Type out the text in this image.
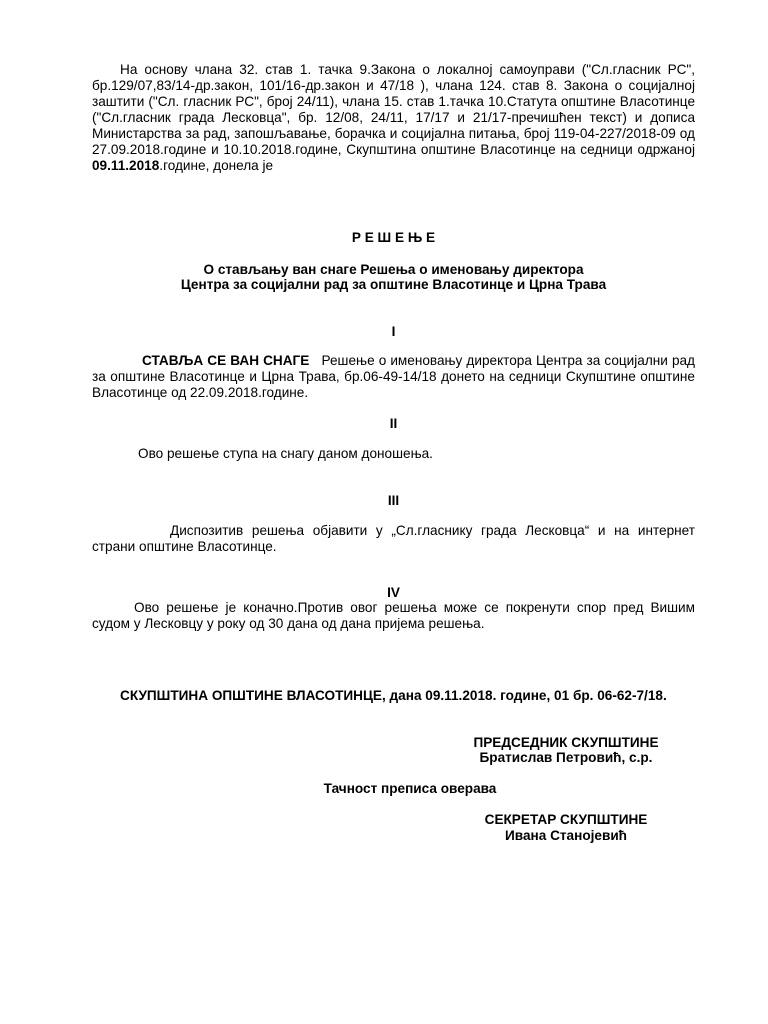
На основу члана 32. став 1. тачка 9.Закона о локалној самоуправи ("Сл.гласник РС", бр.129/07,83/14-др.закон, 101/16-др.закон и 47/18 ), члана 124. став 8. Закона о социјалној заштити ("Сл. гласник РС", број 24/11), члана 15. став 1.тачка 10.Статута општине Власотинце ("Сл.гласник града Лесковца", бр. 12/08, 24/11, 17/17 и 21/17-пречишћен текст) и дописа Министарства за рад, запошљавање, борачка и социјална питања, број 119-04-227/2018-09 од 27.09.2018.године и 10.10.2018.године, Скупштина општине Власотинце на седници одржаној 09.11.2018.године, донела је

Р Е Ш Е Њ Е
О стављању ван снаге Решења о именовању директора
Центра за социјални рад за општине Власотинце и Црна Трава
I

СТАВЉА СЕ ВАН СНАГЕ Решење о именовању директора Центра за социјални рад за општине Власотинце и Црна Трава, бр.06-49-14/18 донето на седници Скупштине општине Власотинце од 22.09.2018.године.

II

Ово решење ступа на снагу даном доношења.

III

Диспозитив решења објавити у „Сл.гласнику града Лесковца“ и на интернет страни општине Власотинце.

IV

Ово решење је коначно.Против овог решења може се покренути спор пред Вишим судом у Лесковцу у року од 30 дана од дана пријема решења.

СКУПШТИНА ОПШТИНЕ ВЛАСОТИНЦЕ, дана 09.11.2018. године, 01 бр. 06-62-7/18.
ПРЕДСЕДНИК СКУПШТИНЕ
Братислав Петровић, с.р.
Тачност преписа оверава
СЕКРЕТАР СКУПШТИНЕ
Ивана Станојевић
